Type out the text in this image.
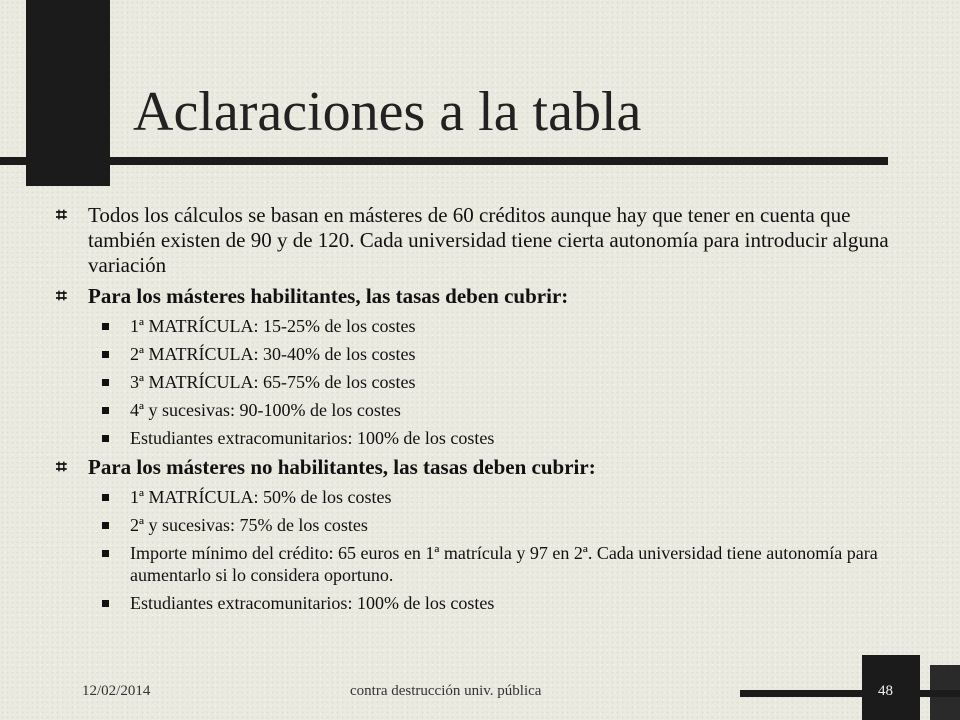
Aclaraciones a la tabla
⌗ Todos los cálculos se basan en másteres de 60 créditos aunque hay que tener en cuenta que también existen de 90 y de 120. Cada universidad tiene cierta autonomía para introducir alguna variación
⌗ Para los másteres habilitantes, las tasas deben cubrir:
1ª MATRÍCULA: 15-25% de los costes
2ª MATRÍCULA: 30-40% de los costes
3ª MATRÍCULA: 65-75% de los costes
4ª y sucesivas: 90-100% de los costes
Estudiantes extracomunitarios: 100% de los costes
⌗ Para los másteres no habilitantes, las tasas deben cubrir:
1ª MATRÍCULA: 50% de los costes
2ª y sucesivas: 75% de los costes
Importe mínimo del crédito: 65 euros en 1ª matrícula y 97 en 2ª. Cada universidad tiene autonomía para aumentarlo si lo considera oportuno.
Estudiantes extracomunitarios: 100% de los costes
12/02/2014	contra destrucción univ. pública	48
